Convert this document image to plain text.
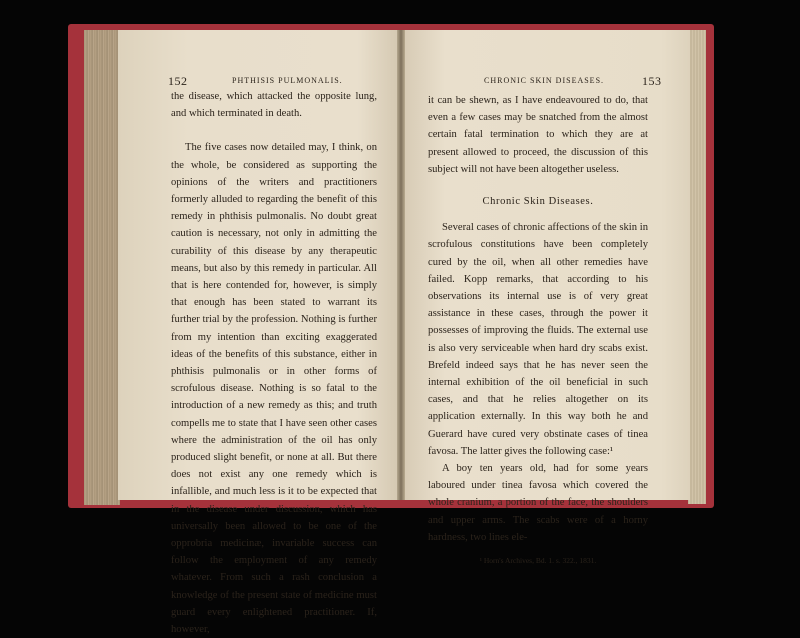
152	PHTHISIS PULMONALIS.

the disease, which attacked the opposite lung, and which terminated in death.

The five cases now detailed may, I think, on the whole, be considered as supporting the opinions of the writers and practitioners formerly alluded to regarding the benefit of this remedy in phthisis pulmonalis. No doubt great caution is necessary, not only in admitting the curability of this disease by any therapeutic means, but also by this remedy in particular. All that is here contended for, however, is simply that enough has been stated to warrant its further trial by the profession. Nothing is further from my intention than exciting exaggerated ideas of the benefits of this substance, either in phthisis pulmonalis or in other forms of scrofulous disease. Nothing is so fatal to the introduction of a new remedy as this; and truth compells me to state that I have seen other cases where the administration of the oil has only produced slight benefit, or none at all. But there does not exist any one remedy which is infallible, and much less is it to be expected that in the disease under discussion, which has universally been allowed to be one of the opprobria medicinæ, invariable success can follow the employment of any remedy whatever. From such a rash conclusion a knowledge of the present state of medicine must guard every enlightened practitioner. If, however,

CHRONIC SKIN DISEASES.	153

it can be shewn, as I have endeavoured to do, that even a few cases may be snatched from the almost certain fatal termination to which they are at present allowed to proceed, the discussion of this subject will not have been altogether useless.

Chronic Skin Diseases.

Several cases of chronic affections of the skin in scrofulous constitutions have been completely cured by the oil, when all other remedies have failed. Kopp remarks, that according to his observations its internal use is of very great assistance in these cases, through the power it possesses of improving the fluids. The external use is also very serviceable when hard dry scabs exist. Brefeld indeed says that he has never seen the internal exhibition of the oil beneficial in such cases, and that he relies altogether on its application externally. In this way both he and Guerard have cured very obstinate cases of tinea favosa. The latter gives the following case:¹

A boy ten years old, had for some years laboured under tinea favosa which covered the whole cranium, a portion of the face, the shoulders and upper arms. The scabs were of a horny hardness, two lines ele-

¹ Horn's Archives, Bd. 1. s. 322., 1831.
